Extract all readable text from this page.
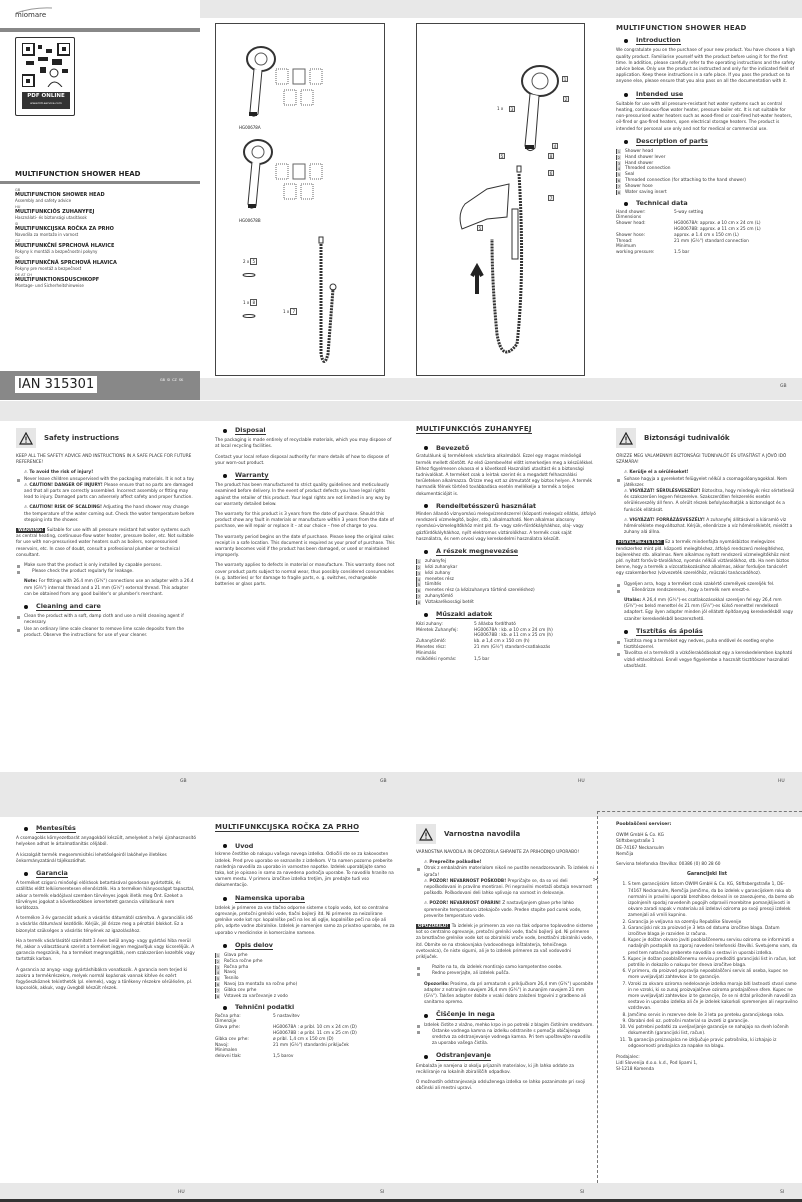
miomare
PDF ONLINE
www.lidl-service.com
MULTIFUNCTION SHOWER HEAD
GB
MULTIFUNCTION SHOWER HEAD
Assembly and safety advice
HU
MULTIFUNKCIÓS ZUHANYFEJ
Használati- és biztonsági utasítások
SI
MULTIFUNKCIJSKA ROČKA ZA PRHO
Navodila za montažo in varnost
CZ
MULTIFUNKČNÍ SPRCHOVÁ HLAVICE
Pokyny k montáži a bezpečnostní pokyny
SK
MULTIFUNKČNÁ SPRCHOVÁ HLAVICA
Pokyny pre montáž a bezpečnosť
DE AT CH
MULTIFUNKTIONSDUSCHKOPF
Montage- und Sicherheitshinweise
IAN 315301	GB SI CZ SK
HG00678A
HG00678B
2 x 5
1 x 8
1 x 7
1
2
1 x	3
4
5
6
7
8
5
MULTIFUNCTION SHOWER HEAD
Introduction
We congratulate you on the purchase of your new product. You have chosen a high quality product. Familiarise yourself with the product before using it for the first time. In addition, please carefully refer to the operating instructions and the safety advice below. Only use the product as instructed and only for the indicated field of application. Keep these instructions in a safe place. If you pass the product on to anyone else, please ensure that you also pass on all the documentation with it.
Intended use
Suitable for use with all pressure-resistant hot water systems such as central heating, continuous-flow water heater, pressure boiler etc. It is not suitable for non-pressurised water heaters such as wood-fired or coal-fired hot-water heaters, oil-fired or gas-fired heaters, open electrical storage heaters. The product is intended for personal use only and not for medical or commercial use.
Description of parts
1 Shower head
2 Hand shower lever
3 Hand shower
4 Threaded connection
5 Seal
6 Threaded connection (for attaching to the hand shower)
7 Shower hose
8 Water saving insert
Technical data
Hand shower:	5-way setting
Dimensions
Shower head:	HG00678A: approx. ø 10 cm x 24 cm (L)
HG00678B: approx. ø 11 cm x 25 cm (L)
Shower hose:	approx. ø 1.4 cm x 150 cm (L)
Thread:	21 mm (G½") standard connection
Minimum
working pressure:	1.5 bar
GB
Safety instructions
KEEP ALL THE SAFETY ADVICE AND INSTRUCTIONS IN A SAFE PLACE FOR FUTURE REFERENCE!
⚠ To avoid the risk of injury!
Never leave children unsupervised with the packaging materials. It is not a toy.
⚠ CAUTION! DANGER OF INJURY! Please ensure that no parts are damaged and that all parts are correctly assembled. Incorrect assembly or fitting may lead to injury. Damaged parts can adversely affect safety and proper function.
⚠ CAUTION! RISK OF SCALDING! Adjusting the hand shower may change the temperature of the water coming out. Check the water temperature before stepping into the shower.
WARNING! Suitable for use with all pressure resistant hot water systems such as central heating, continuous-flow water heater, pressure boiler, etc. Not suitable for use with non-pressurised water heaters such as boilers, nonpressurised reservoirs, etc. In case of doubt, consult a professional plumber or technical consultant.
Make sure that the product is only installed by capable persons.
Please check the product regularly for leakage.
Note: For fittings with 26.4 mm (G¾") connections use an adapter with a 26.4 mm (G¾") internal thread and a 21 mm (G½") external thread. This adapter can be obtained from any good builder's or plumber's merchant.
Cleaning and care
Clean the product with a soft, damp cloth and use a mild cleaning agent if necessary.
Use an ordinary lime scale cleaner to remove lime scale deposits from the product. Observe the instructions for use of your cleaner.
Disposal
The packaging is made entirely of recyclable materials, which you may dispose of at local recycling facilities.
Contact your local refuse disposal authority for more details of how to dispose of your worn-out product.
Warranty
The product has been manufactured to strict quality guidelines and meticulously examined before delivery. In the event of product defects you have legal rights against the retailer of this product. Your legal rights are not limited in any way by our warranty detailed below.
The warranty for this product is 3 years from the date of purchase. Should this product show any fault in materials or manufacture within 3 years from the date of purchase, we will repair or replace it – at our choice – free of charge to you.
The warranty period begins on the date of purchase. Please keep the original sales receipt in a safe location. This document is required as your proof of purchase. This warranty becomes void if the product has been damaged, or used or maintained improperly.
The warranty applies to defects in material or manufacture. This warranty does not cover product parts subject to normal wear, thus possibly considered consumables (e. g. batteries) or for damage to fragile parts, e. g. switches, rechargeable batteries or glass parts.
MULTIFUNKCIÓS ZUHANYFEJ
Bevezető
Gratulálunk új termékének vásárlása alkalmából. Ezzel egy magas minőségű termék mellett döntött. Az első üzembevétel előtt ismerkedjen meg a készülékkel. Ehhez figyelmesen olvassa el a következő Használati utasítást és a biztonsági tudnivalókat. A terméket csak a leírtak szerint és a megadott felhasználási területeken alkalmazza. Őrizze meg ezt az útmutatót egy biztos helyen. A termék harmadik félnek történő továbbadása esetén mellékelje a termék a teljes dokumentációját is.
Rendeltetésszerű használat
Minden állandó víznyomású melegvízrendszerrel (központi melegvíz ellátás, átfolyó rendszerű vízmelegítő, bojler, stb.) alkalmazható. Nem alkalmas alacsony nyomású-vízmelegítőkhöz mint pld. fa- vagy szén-fűrdőkályhákhoz, olaj- vagy gázfűrdőkályhákhoz, nyílt elektromos víztárolókhoz. A termék csak saját használatra, és nem orvosi vagy kereskedelmi használatra készült.
A részek megnevezése
1 zuhanyfej
2 kézi zuhanykar
3 kézi zuhany
4 menetes rész
5 tömítés
6 menetes rész (a kézizuhanyra történő szereléshez)
7 zuhanytömlő
8 Víztakarékossági betét
Műszaki adatok
Kézi zuhany:	5 állásba fordítható
Méretek Zuhanyfej:	HG00678A : kb. ø 10 cm x 24 cm (h)
HG00678B : kb. ø 11 cm x 25 cm (h)
Zuhanytömlő:	kb. ø 1,4 cm x 150 cm (h)
Menetes rész:	21 mm (G½") standard-csatlakozás
Minimális
működési nyomás:	1,5 bar
Biztonsági tudnivalók
ŐRIZZE MEG VALAMENNYI BIZTONSÁGI TUDNIVALÓT ÉS UTASÍTÁST A JÖVŐ IDŐ SZÁMÁRA!
⚠ Kerülje el a sérüléseket!
Sohase hagyja a gyereketet felügyelet nélkül a csomagolóanyagokkal. Nem játékszer.
⚠ VIGYÁZAT! SÉRÜLÉSVESZÉLY! Biztosítsa, hogy mindegyik rész sértetlenül és szakszerűen legyen felszerelve. Szakszerűtlen felszerelés esetén sérülésveszély áll fenn. A sérült részek befolyásolhatják a biztonságot és a funkciók ellátását.
⚠ VIGYÁZAT! FORRÁZÁSVESZÉLY! A zuhanyfej állításával a kiáramló víz hőmérséklete megváltozhat. Kérjük, ellenőrizze a víz hőmérsékletét, mielőtt a zuhany alá állna.
FIGYELMEZTETÉS! Ez a termék mindenfajta nyomásbiztos melegvizes rendszerhez mint pld. központi melegítéshez, átfolyó rendszerű melegítéshez, bojlerekhez stb. alkalmas. Nem alkalmas nyitott rendszerű vízmelegítőkhöz mint pld. nyitott forróvíz-tárolókhoz, nyomás nélküli víztárolókhoz, stb. Ha nem biztos benne, hogy a termék a vízcsatlakozásához alkalmas, akkor forduljon tanácsért egy szakemberhez (vízvezeték szerelőhöz, műszaki tanácsadóhoz).
Ügyeljen arra, hogy a terméket csak szakértő személyek szereljék fel.
Ellenőrizze rendszeresen, hogy a termék nem ereszt-e.
Utalás: A 26,4 mm (G¾")-es csatlakozásokkal szereljen fel egy 26,4 mm (G¾")-es belső menettel és 21 mm (G½")-es külső menettel rendelkező adaptert. Egy ilyen adapter minden jól ellátott építőanyag kereskedésből vagy szaniter kereskedésből beszerezhető.
Tisztítás és ápolás
Tisztítsa meg a terméket egy nedves, puha endővel és esetleg enyhe tisztítószerrel.
Távolítsa el a termékről a vízkőlerakódásokat egy a kereskedelemben kapható vízkő eltávolítóval. Ennél vegye figyelembe a használt tisztítószer használati utasítását.
GB	GB	HU	HU
Mentesítés
A csomagolás környezetbarát anyagokból készült, amelyeket a helyi újrahasznosító helyeken adhat le ártalmatlanítás céljából.
A kiszolgált termék megsemmisítési lehetőségeiről lakóhelye illetékes önkormányzatánál tájékozódhat.
Garancia
A terméket szigorú minőségi előírások betartásával gondosan gyártották, és szállítás előtt lelkiismeretesen ellenőrizték. Ha a terméken hiányosságot tapasztal, akkor a termék eladójával szemben törvényes jogok illetik meg Önt. Ezeket a törvényes jogokat a következőkben ismertetett garancia vállalásunk nem korlátozza.
A termékre 3 év garanciát adunk a vásárlás dátumától számítva. A garanciális idő a vásárlás dátumával kezdődik. Kérjük, jól őrizze meg a pénztári blokkot. Ez a bizonylat szükséges a vásárlás tényének az igazolásához.
Ha a termék vásárlásától számított 3 éven belül anyag- vagy gyártási hiba merül fel, akkor a választásunk szerint a terméket ingyen megjavítjuk vagy kicseréljük. A garancia megszűnik, ha a terméket megrongálták, nem szakszerűen kezelték vagy tartották karban.
A garancia az anyag- vagy gyártáshibákra vonatkozik. A garancia nem terjed ki azokra a termékrészekre, melyek normál kopásnak vannak kitéve és ezért fogyóeszköznek tekinthetők (pl. elemek), vagy a törékeny részekre sérülésére, pl. kapcsolók, akkuk, vagy üvegből készült részek.
MULTIFUNKCIJSKA ROČKA ZA PRHO
Uvod
Iskrene čestitke ob nakupu vašega novega izdelka. Odločili ste se za kakovosten izdelek. Pred prvo uporabo se seznanite z izdelkom. V ta namen pozorno preberite naslednja navodila za uporabo in varnostne napotke. Izdelek uporabljajte samo tako, kot je opisano in samo za navedena področja uporabe. To navodilo hranite na varnem mestu. V primeru izročitve izdelka tretjim, jim predajte tudi vso dokumentacijo.
Namenska uporaba
Izdelek je primeren za vse tlačno odporne sisteme s toplo vodo, kot so centralno ogrevanje, pretočni grelniki vode, tlačni bojlerji itd. Ni primeren za neizolirane grelnike vode kot npr. kopalniške peči na les ali oglje, kopalniške peči na olje ali plin, odprte vodne zbiralnike. Izdelek je namenjen samo za privatno uporabo, ne za uporabo v medicinske in komercialne namene.
Opis delov
1 Glava prhe
2 Ročica ročne prhe
3 Ročna prha
4 Navoj
5 Tesnilo
6 Navoj (za montažo na ročno prho)
7 Gibka cev prhe
8 Vstavek za varčevanje z vodo
Tehnični podatki
Ročna prha:	5 nastavitev
Dimenzije
Glava prhe:	HG00678A : ø pribl. 10 cm x 24 cm (D)
HG00678B : ø pribl. 11 cm x 25 cm (D)
Gibka cev prhe:	ø pribl. 1,4 cm x 150 cm (D)
Navoj:	21 mm (G½") standardni priključek
Minimalen
delovni tlak:	1,5 barov
Varnostna navodila
VARNOSTNA NAVODILA IN OPOZORILA SHRANITE ZA PRIHODNJO UPORABO!
⚠ Preprečite poškodbe!
Otrok z embalažnim materialom nikoli ne pustite nenadzorovanih. To izdelek ni igrača!
⚠ POZOR! NEVARNOST POŠKODB! Prepričajte se, da so vsi deli nepoškodovani in pravilno montirani. Pri nepravilni montaži obstaja nevarnost poškodb. Poškodovani deli lahko vplivajo na varnost in delovanje.
⚠ POZOR! NEVARNOST OPARIN! Z nastavljanjem glave prhe lahko spremenite temperaturo iztekajoče vode. Preden stopite pod curek vode, preverite temperaturo vode.
OPOZORILO! Ta izdelek je primeren za vse na tlak odporne toplovodne sisteme kot so centralno ogrevanje, pretočni grelniki vode, tlačni bojlerji ipd. Ni primeren za breztlačne grelnike vode kot so zbiralniki vroče vode, breztlačni zbiralniki vode, itd. Obrnite se na strokovnjaka (vodovodnega inštalaterja, tehničnega svetovalca), če niste sigurni, ali je to izdelek primeren za vaš vodovodni priključek.
Pazite na to, da izdelek montirajo samo kompetentne osebe.
Redno preverjajte, ali izdelek pušča.
Opozorilo: Prosimo, da pri armaturah s priključkom 26,4 mm (G¾") uporabite adapter z notranjim navojem 26,4 mm (G¾") in zunanjim navojem 21 mm (G½"). Takšen adapter dobite v vsaki dobro založeni trgovini z gradbeno ali sanitarno opremo.
Čiščenje in nega
Izdelek čistite z vlažno, mehko krpo in po potrebi z blagim čistilnim sredstvom.
Ostanke vodnega kamna na izdelku odstranite s pomočjo običajnega sredstva za odstranjevanje vodnega kamna. Pri tem upoštevajte navodilo za uporabo vašega čistila.
Odstranjevanje
Embalaža je narejena iz okolju prijaznih materialov, ki jih lahko oddate za recikliranje na lokalnih zbirališčih odpadkov.
O možnostih odstranjevanja odsluženega izdelka se lahko pozanimate pri svoji občinski ali mestni upravi.
✂
Pooblaščeni serviser:
OWIM GmbH & Co. KG
Stiftsbergstraße 1
DE-74167 Neckarsulm
Nemčija
Servisna telefonska številka: 00386 (0) 80 28 60
Garancijski list
1. S tem garancijskim listom OWIM GmbH & Co. KG, Stiftsbergstraße 1, DE-74167 Neckarsulm, Nemčija jamčimo, da bo izdelek v garancijskem roku ob normalni in pravilni uporabi brezhibno deloval in se zavezujemo, da bomo ob izpolnjenih spodaj navedenih pogojih odpravili morebitne pomanjkljivosti in okvare zaradi napak v materialu ali izdelavi oziroma po svoji presoji izdelek zamenjali ali vrnili kupnino.
2. Garancija je veljavna na ozemlju Republike Slovenije
3. Garancijski rok za proizvod je 3 leta od datuma izročitve blaga. Datum izročitve blaga je razviden iz računa.
4. Kupec je dolžan okvaro javiti pooblaščenemu servisu oziroma se informirati o nadaljnjih postopkih na zgoraj navedeni telefonski številki. Svetujemo vam, da pred tem natančno preberete navodila o sestavi in uporabi izdelka.
5. Kupec je dolžan pooblaščenemu servisu predložiti garancijski list in račun, kot potrdilo in dokazilo o nakupu ter dneva izročitve blaga.
6. V primeru, da proizvod popravlja nepooblaščeni servis ali oseba, kupec ne more uveljavljati zahtevkov iz te garancije.
7. Vzroki za okvaro oziroma nedelovanje izdelka morajo biti lastnosti stvari same in ne vzroki, ki so zunaj proizvajalčeve oziroma prodajalčeve sfere. Kupec ne more uveljavljati zahtevkov iz te garancije, če se ni držal priloženih navodil za sestavo in uporabo izdelka ali če je izdelek kakorkoli spremenjen ali nepravilno vzdrževan.
8. Jamčimo servis in rezervne dele še 3 leta po preteku garancijskega roka.
9. Obrabni deli oz. potrošni material so izvzeti iz garancije.
10. Vsi potrebni podatki za uveljavljanje garancije se nahajajo na dveh ločenih dokumentih (garancijski list, račun).
11. Ta garancija proizvajalca ne izključuje pravic potrošnika, ki izhajajo iz odgovornosti prodajalca za napake na blagu.
Prodajalec:
Lidl Slovenija d.o.o. k.d., Pod lipami 1,
SI-1218 Komenda
HU	SI	SI	SI
